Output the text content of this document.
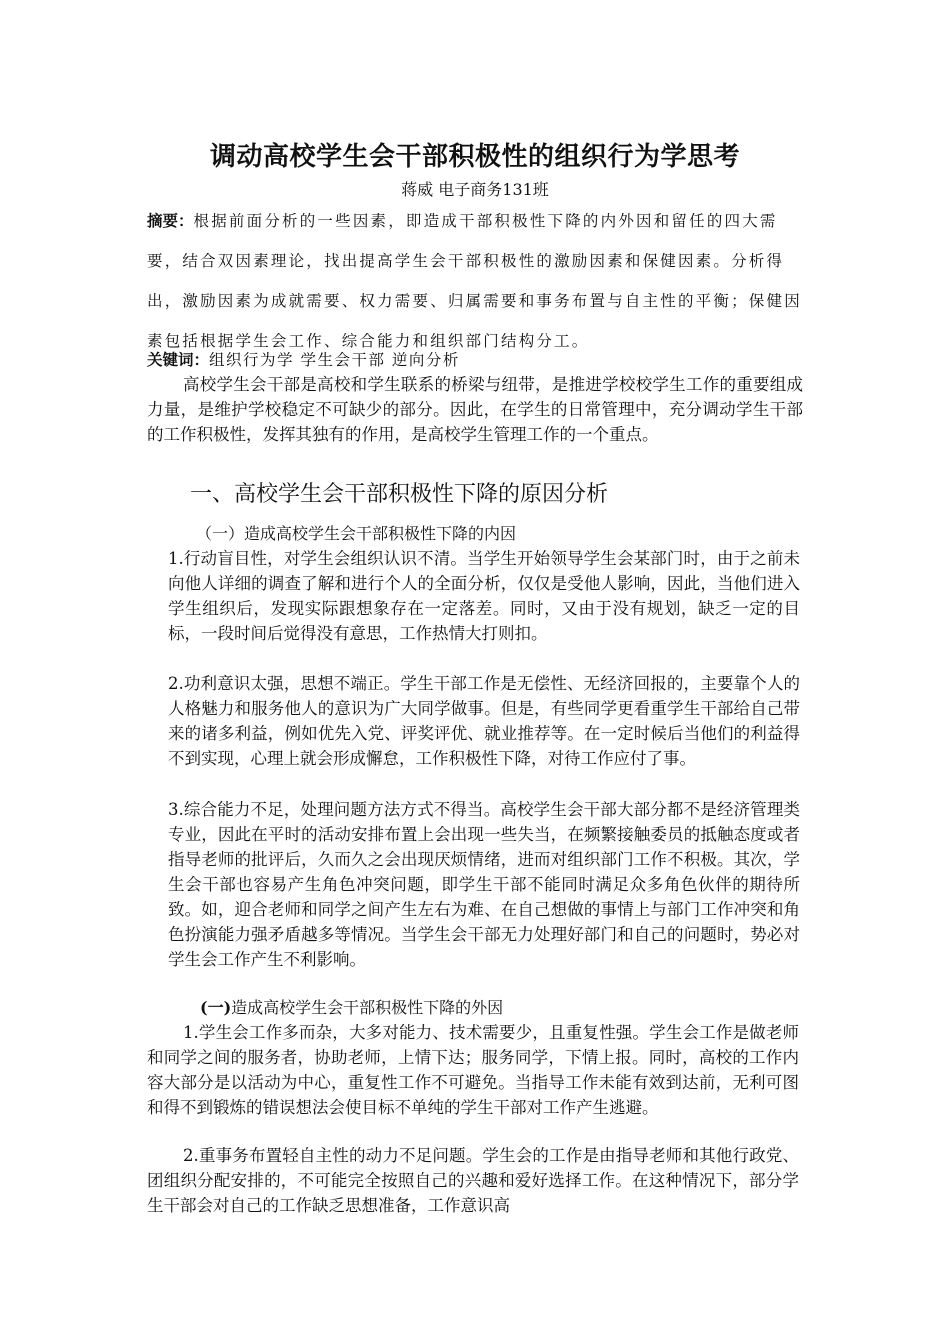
调动高校学生会干部积极性的组织行为学思考
蒋威 电子商务131班
摘要：根据前面分析的一些因素，即造成干部积极性下降的内外因和留任的四大需要，结合双因素理论，找出提高学生会干部积极性的激励因素和保健因素。分析得出，激励因素为成就需要、权力需要、归属需要和事务布置与自主性的平衡；保健因素包括根据学生会工作、综合能力和组织部门结构分工。
关键词：组织行为学 学生会干部 逆向分析
高校学生会干部是高校和学生联系的桥梁与纽带，是推进学校校学生工作的重要组成力量，是维护学校稳定不可缺少的部分。因此，在学生的日常管理中，充分调动学生干部的工作积极性，发挥其独有的作用，是高校学生管理工作的一个重点。
一、高校学生会干部积极性下降的原因分析
（一）造成高校学生会干部积极性下降的内因
1.行动盲目性，对学生会组织认识不清。当学生开始领导学生会某部门时，由于之前未向他人详细的调查了解和进行个人的全面分析，仅仅是受他人影响，因此，当他们进入学生组织后，发现实际跟想象存在一定落差。同时，又由于没有规划，缺乏一定的目标，一段时间后觉得没有意思，工作热情大打则扣。
2.功利意识太强，思想不端正。学生干部工作是无偿性、无经济回报的，主要靠个人的人格魅力和服务他人的意识为广大同学做事。但是，有些同学更看重学生干部给自己带来的诸多利益，例如优先入党、评奖评优、就业推荐等。在一定时候后当他们的利益得不到实现，心理上就会形成懈怠，工作积极性下降，对待工作应付了事。
3.综合能力不足，处理问题方法方式不得当。高校学生会干部大部分都不是经济管理类专业，因此在平时的活动安排布置上会出现一些失当，在频繁接触委员的抵触态度或者指导老师的批评后，久而久之会出现厌烦情绪，进而对组织部门工作不积极。其次，学生会干部也容易产生角色冲突问题，即学生干部不能同时满足众多角色伙伴的期待所致。如，迎合老师和同学之间产生左右为难、在自己想做的事情上与部门工作冲突和角色扮演能力强矛盾越多等情况。当学生会干部无力处理好部门和自己的问题时，势必对学生会工作产生不利影响。
(一)造成高校学生会干部积极性下降的外因
1.学生会工作多而杂，大多对能力、技术需要少，且重复性强。学生会工作是做老师和同学之间的服务者，协助老师，上情下达；服务同学，下情上报。同时，高校的工作内容大部分是以活动为中心，重复性工作不可避免。当指导工作未能有效到达前，无利可图和得不到锻炼的错误想法会使目标不单纯的学生干部对工作产生逃避。
2.重事务布置轻自主性的动力不足问题。学生会的工作是由指导老师和其他行政党、团组织分配安排的，不可能完全按照自己的兴趣和爱好选择工作。在这种情况下，部分学生干部会对自己的工作缺乏思想准备，工作意识高
